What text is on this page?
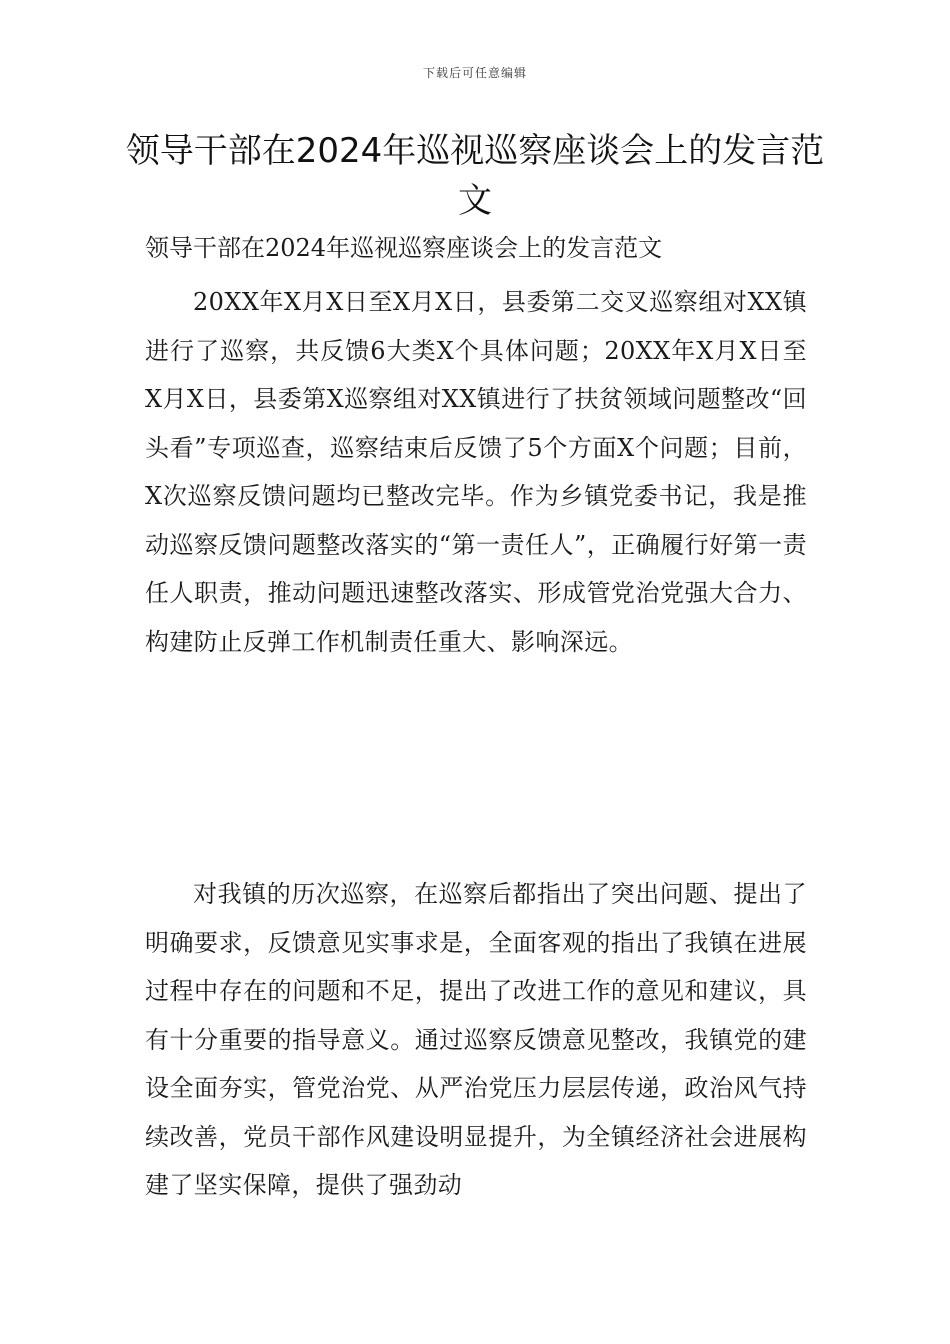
下载后可任意编辑
领导干部在2024年巡视巡察座谈会上的发言范文

领导干部在2024年巡视巡察座谈会上的发言范文

20XX年X月X日至X月X日，县委第二交叉巡察组对XX镇进行了巡察，共反馈6大类X个具体问题；20XX年X月X日至X月X日，县委第X巡察组对XX镇进行了扶贫领域问题整改“回头看”专项巡查，巡察结束后反馈了5个方面X个问题；目前，X次巡察反馈问题均已整改完毕。作为乡镇党委书记，我是推动巡察反馈问题整改落实的“第一责任人”，正确履行好第一责任人职责，推动问题迅速整改落实、形成管党治党强大合力、构建防止反弹工作机制责任重大、影响深远。

对我镇的历次巡察，在巡察后都指出了突出问题、提出了明确要求，反馈意见实事求是，全面客观的指出了我镇在进展过程中存在的问题和不足，提出了改进工作的意见和建议，具有十分重要的指导意义。通过巡察反馈意见整改，我镇党的建设全面夯实，管党治党、从严治党压力层层传递，政治风气持续改善，党员干部作风建设明显提升，为全镇经济社会进展构建了坚实保障，提供了强劲动
